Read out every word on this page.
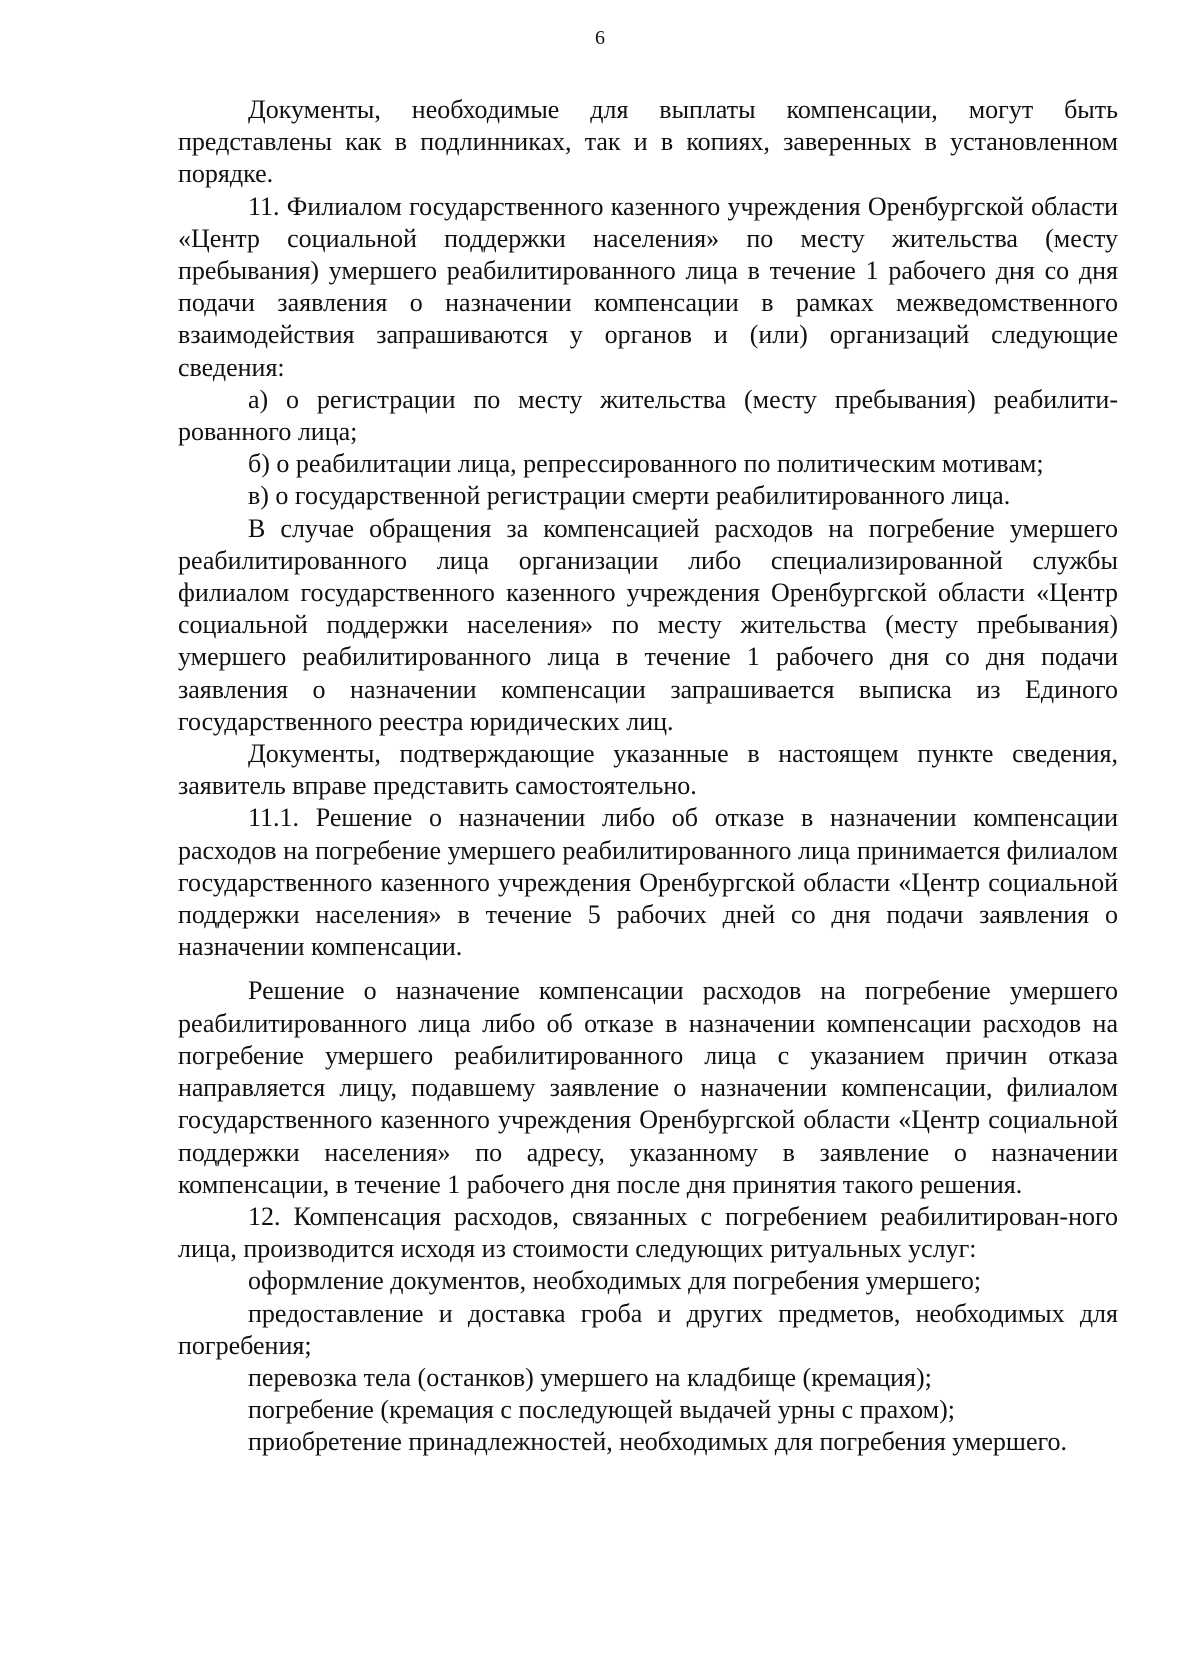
6

Документы, необходимые для выплаты компенсации, могут быть представлены как в подлинниках, так и в копиях, заверенных в установленном порядке.

11. Филиалом государственного казенного учреждения Оренбургской области «Центр социальной поддержки населения» по месту жительства (месту пребывания) умершего реабилитированного лица в течение 1 рабочего дня со дня подачи заявления о назначении компенсации в рамках межведомственного взаимодействия запрашиваются у органов и (или) организаций следующие сведения:

а) о регистрации по месту жительства (месту пребывания) реабилити-рованного лица;

б) о реабилитации лица, репрессированного по политическим мотивам;

в) о государственной регистрации смерти реабилитированного лица.

В случае обращения за компенсацией расходов на погребение умершего реабилитированного лица организации либо специализированной службы филиалом государственного казенного учреждения Оренбургской области «Центр социальной поддержки населения» по месту жительства (месту пребывания) умершего реабилитированного лица в течение 1 рабочего дня со дня подачи заявления о назначении компенсации запрашивается выписка из Единого государственного реестра юридических лиц.

Документы, подтверждающие указанные в настоящем пункте сведения, заявитель вправе представить самостоятельно.

11.1. Решение о назначении либо об отказе в назначении компенсации расходов на погребение умершего реабилитированного лица принимается филиалом государственного казенного учреждения Оренбургской области «Центр социальной поддержки населения» в течение 5 рабочих дней со дня подачи заявления о назначении компенсации.

Решение о назначение компенсации расходов на погребение умершего реабилитированного лица либо об отказе в назначении компенсации расходов на погребение умершего реабилитированного лица с указанием причин отказа направляется лицу, подавшему заявление о назначении компенсации, филиалом государственного казенного учреждения Оренбургской области «Центр социальной поддержки населения» по адресу, указанному в заявление о назначении компенсации, в течение 1 рабочего дня после дня принятия такого решения.

12. Компенсация расходов, связанных с погребением реабилитирован-ного лица, производится исходя из стоимости следующих ритуальных услуг:

оформление документов, необходимых для погребения умершего;

предоставление и доставка гроба и других предметов, необходимых для погребения;

перевозка тела (останков) умершего на кладбище (кремация);

погребение (кремация с последующей выдачей урны с прахом);

приобретение принадлежностей, необходимых для погребения умершего.
